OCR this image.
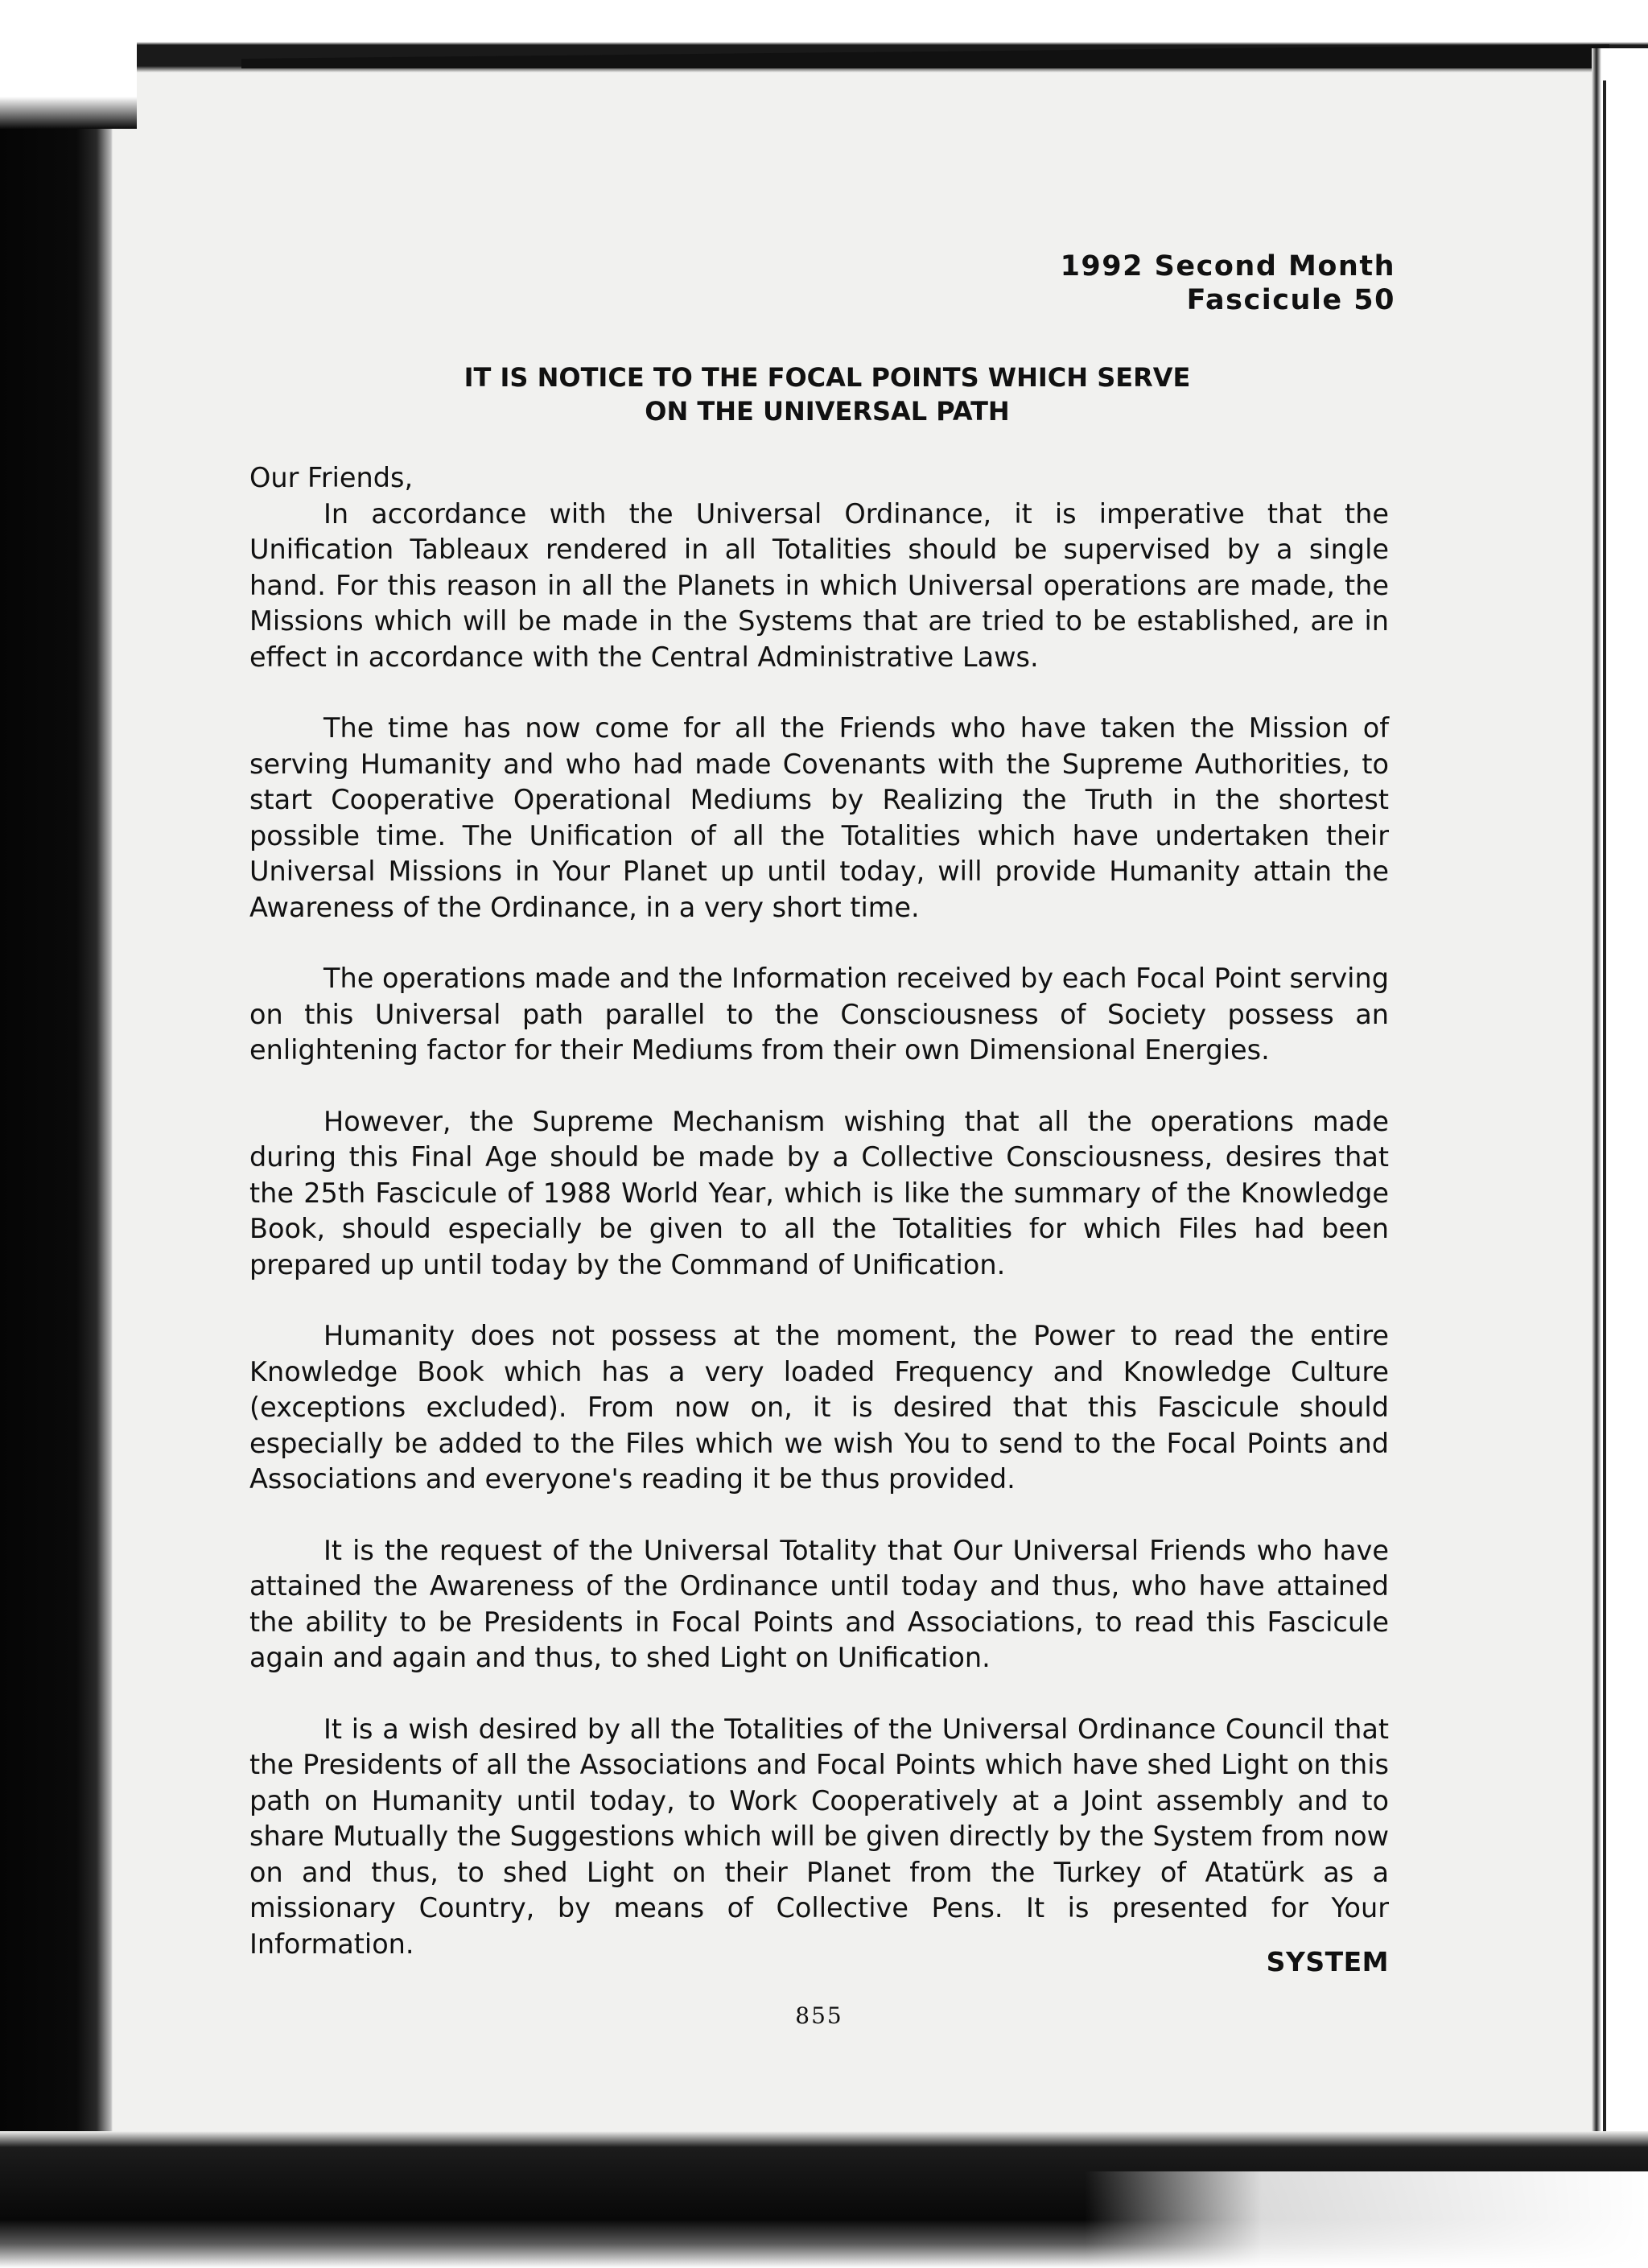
1992 Second Month
Fascicule 50
IT IS NOTICE TO THE FOCAL POINTS WHICH SERVE
ON THE UNIVERSAL PATH

Our Friends,

In accordance with the Universal Ordinance, it is imperative that the Unification Tableaux rendered in all Totalities should be supervised by a single hand. For this reason in all the Planets in which Universal operations are made, the Missions which will be made in the Systems that are tried to be established, are in effect in accordance with the Central Administrative Laws.

The time has now come for all the Friends who have taken the Mission of serving Humanity and who had made Covenants with the Supreme Authorities, to start Cooperative Operational Mediums by Realizing the Truth in the shortest possible time. The Unification of all the Totalities which have undertaken their Universal Missions in Your Planet up until today, will provide Humanity attain the Awareness of the Ordinance, in a very short time.

The operations made and the Information received by each Focal Point serving on this Universal path parallel to the Consciousness of Society possess an enlightening factor for their Mediums from their own Dimensional Energies.

However, the Supreme Mechanism wishing that all the operations made during this Final Age should be made by a Collective Consciousness, desires that the 25th Fascicule of 1988 World Year, which is like the summary of the Knowledge Book, should especially be given to all the Totalities for which Files had been prepared up until today by the Command of Unification.

Humanity does not possess at the moment, the Power to read the entire Knowledge Book which has a very loaded Frequency and Knowledge Culture (exceptions excluded). From now on, it is desired that this Fascicule should especially be added to the Files which we wish You to send to the Focal Points and Associations and everyone's reading it be thus provided.

It is the request of the Universal Totality that Our Universal Friends who have attained the Awareness of the Ordinance until today and thus, who have attained the ability to be Presidents in Focal Points and Associations, to read this Fascicule again and again and thus, to shed Light on Unification.

It is a wish desired by all the Totalities of the Universal Ordinance Council that the Presidents of all the Associations and Focal Points which have shed Light on this path on Humanity until today, to Work Cooperatively at a Joint assembly and to share Mutually the Suggestions which will be given directly by the System from now on and thus, to shed Light on their Planet from the Turkey of Atatürk as a missionary Country, by means of Collective Pens. It is presented for Your Information.

SYSTEM
855
